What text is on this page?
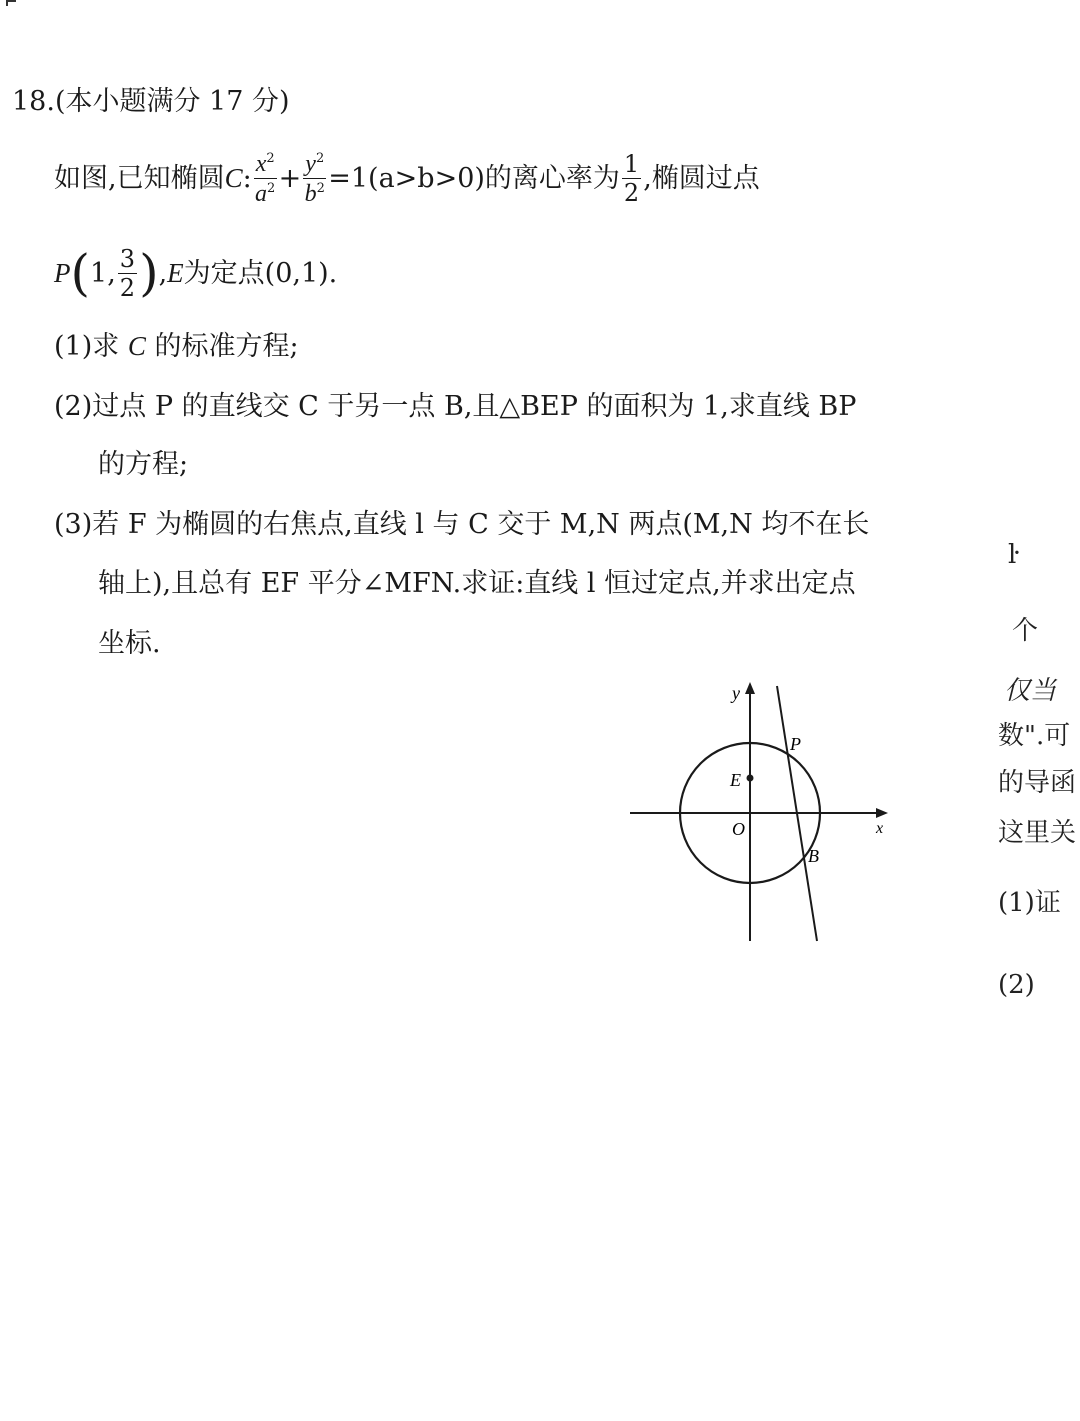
18.(本小题满分 17 分)
如图,已知椭圆 C : $\frac{x^2}{a^2} + \frac{y^2}{b^2} =1$ (a>b>0) 的离心率为 $\frac{1}{2}$ ,椭圆过点
P ( 1, $\frac{3}{2}$ ) , E 为定点(0,1).
(1)求 C 的标准方程;
(2)过点 P 的直线交 C 于另一点 B,且△BEP 的面积为 1,求直线 BP
的方程;
(3)若 F 为椭圆的右焦点,直线 l 与 C 交于 M,N 两点(M,N 均不在长
轴上),且总有 EF 平分∠MFN.求证:直线 l 恒过定点,并求出定点
坐标.
y
x
O
E
P
B
ŀ
个
仅当
数".可
的导函
这里关
(1)证
(2)
